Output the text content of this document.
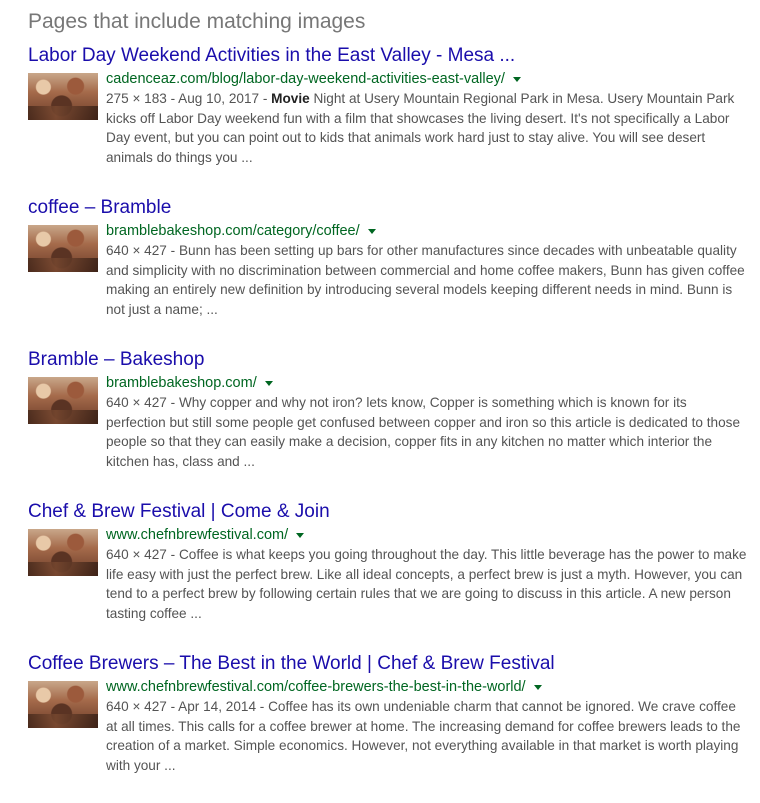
Pages that include matching images
Labor Day Weekend Activities in the East Valley - Mesa ...
cadenceaz.com/blog/labor-day-weekend-activities-east-valley/

275 × 183 - Aug 10, 2017 - Movie Night at Usery Mountain Regional Park in Mesa. Usery Mountain Park kicks off Labor Day weekend fun with a film that showcases the living desert. It's not specifically a Labor Day event, but you can point out to kids that animals work hard just to stay alive. You will see desert animals do things you ...

coffee – Bramble
bramblebakeshop.com/category/coffee/

640 × 427 - Bunn has been setting up bars for other manufactures since decades with unbeatable quality and simplicity with no discrimination between commercial and home coffee makers, Bunn has given coffee making an entirely new definition by introducing several models keeping different needs in mind. Bunn is not just a name; ...

Bramble – Bakeshop
bramblebakeshop.com/

640 × 427 - Why copper and why not iron? lets know, Copper is something which is known for its perfection but still some people get confused between copper and iron so this article is dedicated to those people so that they can easily make a decision, copper fits in any kitchen no matter which interior the kitchen has, class and ...

Chef & Brew Festival | Come & Join
www.chefnbrewfestival.com/

640 × 427 - Coffee is what keeps you going throughout the day. This little beverage has the power to make life easy with just the perfect brew. Like all ideal concepts, a perfect brew is just a myth. However, you can tend to a perfect brew by following certain rules that we are going to discuss in this article. A new person tasting coffee ...

Coffee Brewers – The Best in the World | Chef & Brew Festival
www.chefnbrewfestival.com/coffee-brewers-the-best-in-the-world/

640 × 427 - Apr 14, 2014 - Coffee has its own undeniable charm that cannot be ignored. We crave coffee at all times. This calls for a coffee brewer at home. The increasing demand for coffee brewers leads to the creation of a market. Simple economics. However, not everything available in that market is worth playing with your ...
